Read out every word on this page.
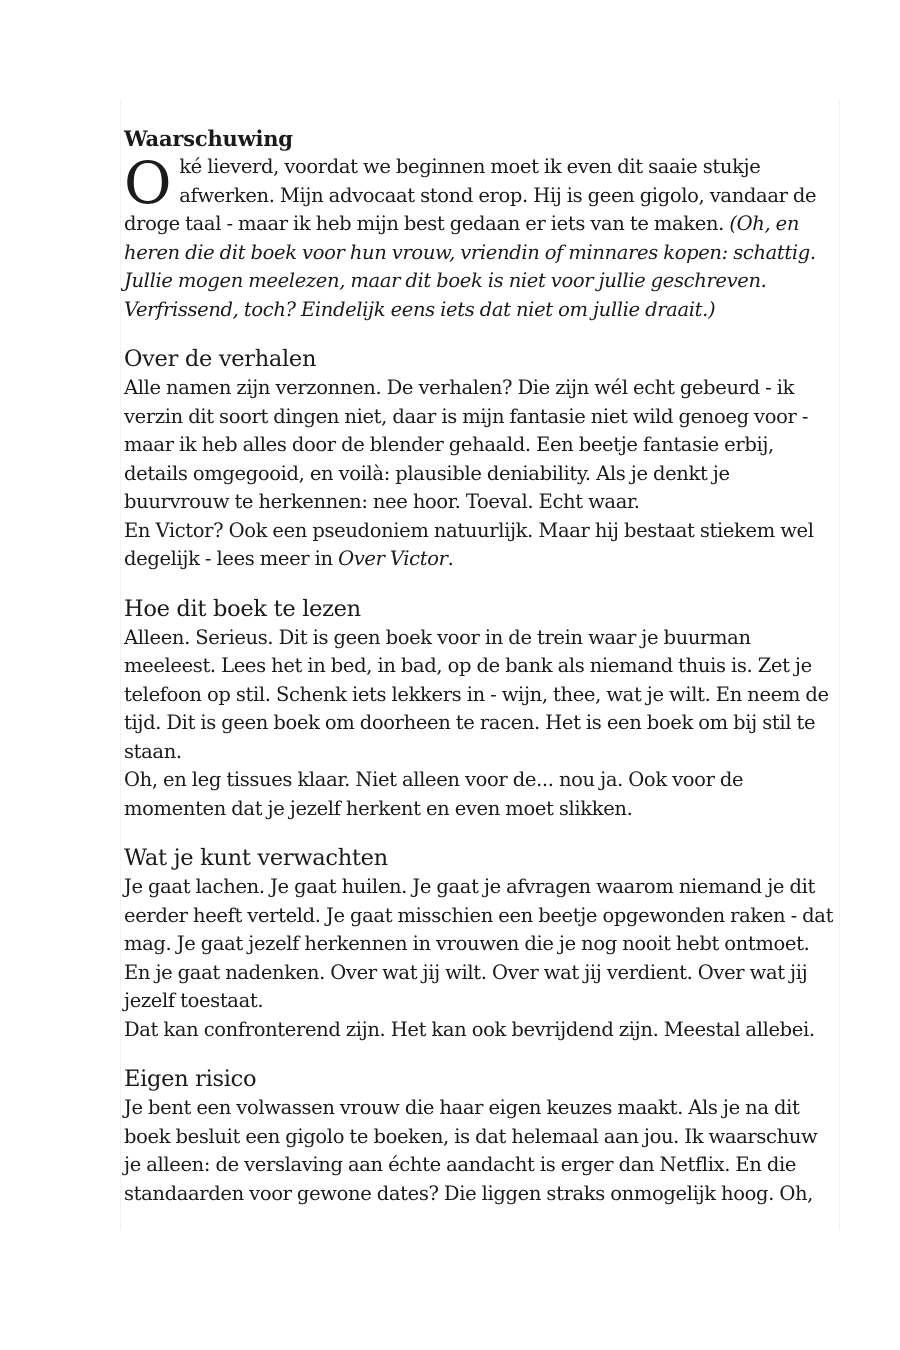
Waarschuwing

Oké lieverd, voordat we beginnen moet ik even dit saaie stukje afwerken. Mijn advocaat stond erop. Hij is geen gigolo, vandaar de droge taal - maar ik heb mijn best gedaan er iets van te maken. (Oh, en heren die dit boek voor hun vrouw, vriendin of minnares kopen: schattig. Jullie mogen meelezen, maar dit boek is niet voor jullie geschreven. Verfrissend, toch? Eindelijk eens iets dat niet om jullie draait.)

Over de verhalen

Alle namen zijn verzonnen. De verhalen? Die zijn wél echt gebeurd - ik verzin dit soort dingen niet, daar is mijn fantasie niet wild genoeg voor - maar ik heb alles door de blender gehaald. Een beetje fantasie erbij, details omgegooid, en voilà: plausible deniability. Als je denkt je buurvrouw te herkennen: nee hoor. Toeval. Echt waar.

En Victor? Ook een pseudoniem natuurlijk. Maar hij bestaat stiekem wel degelijk - lees meer in Over Victor.

Hoe dit boek te lezen

Alleen. Serieus. Dit is geen boek voor in de trein waar je buurman meeleest. Lees het in bed, in bad, op de bank als niemand thuis is. Zet je telefoon op stil. Schenk iets lekkers in - wijn, thee, wat je wilt. En neem de tijd. Dit is geen boek om doorheen te racen. Het is een boek om bij stil te staan.

Oh, en leg tissues klaar. Niet alleen voor de... nou ja. Ook voor de momenten dat je jezelf herkent en even moet slikken.

Wat je kunt verwachten

Je gaat lachen. Je gaat huilen. Je gaat je afvragen waarom niemand je dit eerder heeft verteld. Je gaat misschien een beetje opgewonden raken - dat mag. Je gaat jezelf herkennen in vrouwen die je nog nooit hebt ontmoet. En je gaat nadenken. Over wat jij wilt. Over wat jij verdient. Over wat jij jezelf toestaat.

Dat kan confronterend zijn. Het kan ook bevrijdend zijn. Meestal allebei.

Eigen risico

Je bent een volwassen vrouw die haar eigen keuzes maakt. Als je na dit boek besluit een gigolo te boeken, is dat helemaal aan jou. Ik waarschuw je alleen: de verslaving aan échte aandacht is erger dan Netflix. En die standaarden voor gewone dates? Die liggen straks onmogelijk hoog. Oh,
